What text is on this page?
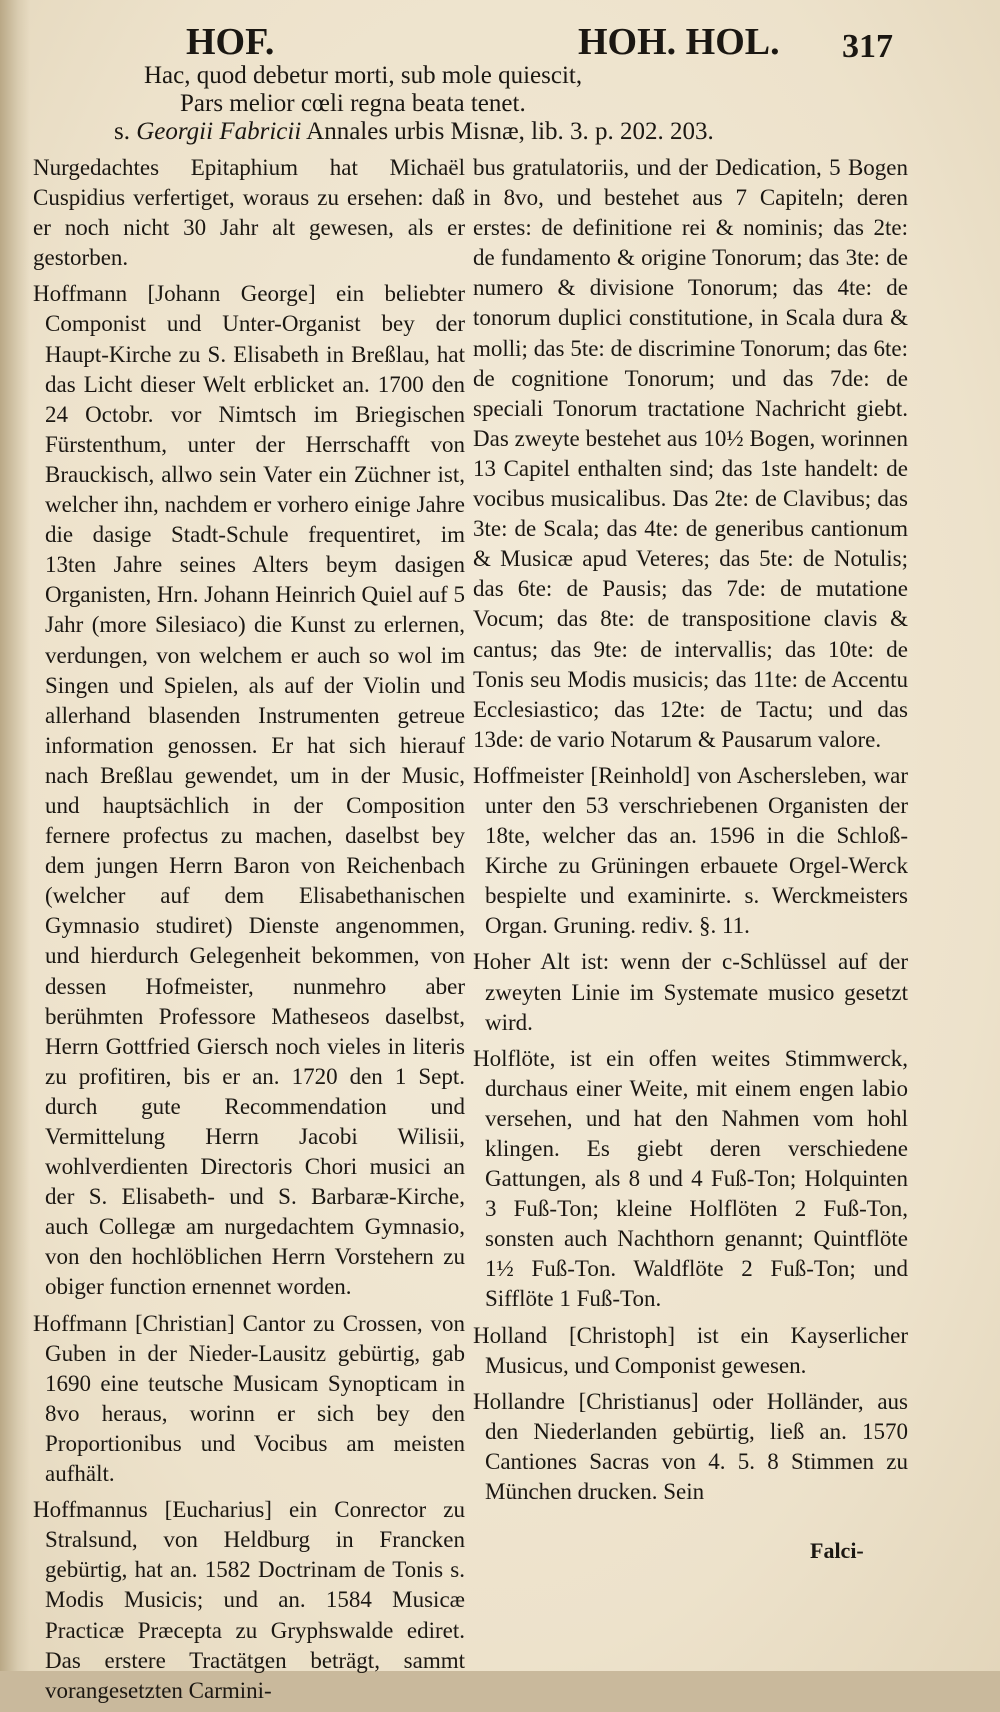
HOF.	HOH. HOL. 317
Hac, quod debetur morti, sub mole quiescit,
Pars melior cœli regna beata tenet.
s. Georgii Fabricii Annales urbis Misnæ, lib. 3. p. 202. 203.

Nurgedachtes Epitaphium hat Michaël Cuspidius verfertiget, woraus zu ersehen: daß er noch nicht 30 Jahr alt gewesen, als er gestorben.

Hoffmann [Johann George] ein beliebter Componist und Unter-Organist bey der Haupt-Kirche zu S. Elisabeth in Breßlau, hat das Licht dieser Welt erblicket an. 1700 den 24 Octobr. vor Nimtsch im Briegischen Fürstenthum, unter der Herrschafft von Brauckisch, allwo sein Vater ein Züchner ist, welcher ihn, nachdem er vorhero einige Jahre die dasige Stadt-Schule frequentiret, im 13ten Jahre seines Alters beym dasigen Organisten, Hrn. Johann Heinrich Quiel auf 5 Jahr (more Silesiaco) die Kunst zu erlernen, verdungen, von welchem er auch so wol im Singen und Spielen, als auf der Violin und allerhand blasenden Instrumenten getreue information genossen. Er hat sich hierauf nach Breßlau gewendet, um in der Music, und hauptsächlich in der Composition fernere profectus zu machen, daselbst bey dem jungen Herrn Baron von Reichenbach (welcher auf dem Elisabethanischen Gymnasio studiret) Dienste angenommen, und hierdurch Gelegenheit bekommen, von dessen Hofmeister, nunmehro aber berühmten Professore Matheseos daselbst, Herrn Gottfried Giersch noch vieles in literis zu profitiren, bis er an. 1720 den 1 Sept. durch gute Recommendation und Vermittelung Herrn Jacobi Wilisii, wohlverdienten Directoris Chori musici an der S. Elisabeth- und S. Barbaræ-Kirche, auch Collegæ am nurgedachtem Gymnasio, von den hochlöblichen Herrn Vorstehern zu obiger function ernennet worden.

Hoffmann [Christian] Cantor zu Crossen, von Guben in der Nieder-Lausitz gebürtig, gab 1690 eine teutsche Musicam Synopticam in 8vo heraus, worinn er sich bey den Proportionibus und Vocibus am meisten aufhält.

Hoffmannus [Eucharius] ein Conrector zu Stralsund, von Heldburg in Francken gebürtig, hat an. 1582 Doctrinam de Tonis s. Modis Musicis; und an. 1584 Musicæ Practicæ Præcepta zu Gryphswalde ediret. Das erstere Tractätgen beträgt, sammt vorangesetzten Carmini-

bus gratulatoriis, und der Dedication, 5 Bogen in 8vo, und bestehet aus 7 Capiteln; deren erstes: de definitione rei & nominis; das 2te: de fundamento & origine Tonorum; das 3te: de numero & divisione Tonorum; das 4te: de tonorum duplici constitutione, in Scala dura & molli; das 5te: de discrimine Tonorum; das 6te: de cognitione Tonorum; und das 7de: de speciali Tonorum tractatione Nachricht giebt. Das zweyte bestehet aus 10½ Bogen, worinnen 13 Capitel enthalten sind; das 1ste handelt: de vocibus musicalibus. Das 2te: de Clavibus; das 3te: de Scala; das 4te: de generibus cantionum & Musicæ apud Veteres; das 5te: de Notulis; das 6te: de Pausis; das 7de: de mutatione Vocum; das 8te: de transpositione clavis & cantus; das 9te: de intervallis; das 10te: de Tonis seu Modis musicis; das 11te: de Accentu Ecclesiastico; das 12te: de Tactu; und das 13de: de vario Notarum & Pausarum valore.

Hoffmeister [Reinhold] von Aschersleben, war unter den 53 verschriebenen Organisten der 18te, welcher das an. 1596 in die Schloß-Kirche zu Grüningen erbauete Orgel-Werck bespielte und examinirte. s. Werckmeisters Organ. Gruning. rediv. §. 11.

Hoher Alt ist: wenn der c-Schlüssel auf der zweyten Linie im Systemate musico gesetzt wird.

Holflöte, ist ein offen weites Stimmwerck, durchaus einer Weite, mit einem engen labio versehen, und hat den Nahmen vom hohl klingen. Es giebt deren verschiedene Gattungen, als 8 und 4 Fuß-Ton; Holquinten 3 Fuß-Ton; kleine Holflöten 2 Fuß-Ton, sonsten auch Nachthorn genannt; Quintflöte 1½ Fuß-Ton. Waldflöte 2 Fuß-Ton; und Sifflöte 1 Fuß-Ton.

Holland [Christoph] ist ein Kayserlicher Musicus, und Componist gewesen.

Hollandre [Christianus] oder Holländer, aus den Niederlanden gebürtig, ließ an. 1570 Cantiones Sacras von 4. 5. 8 Stimmen zu München drucken. Sein

Falci-
